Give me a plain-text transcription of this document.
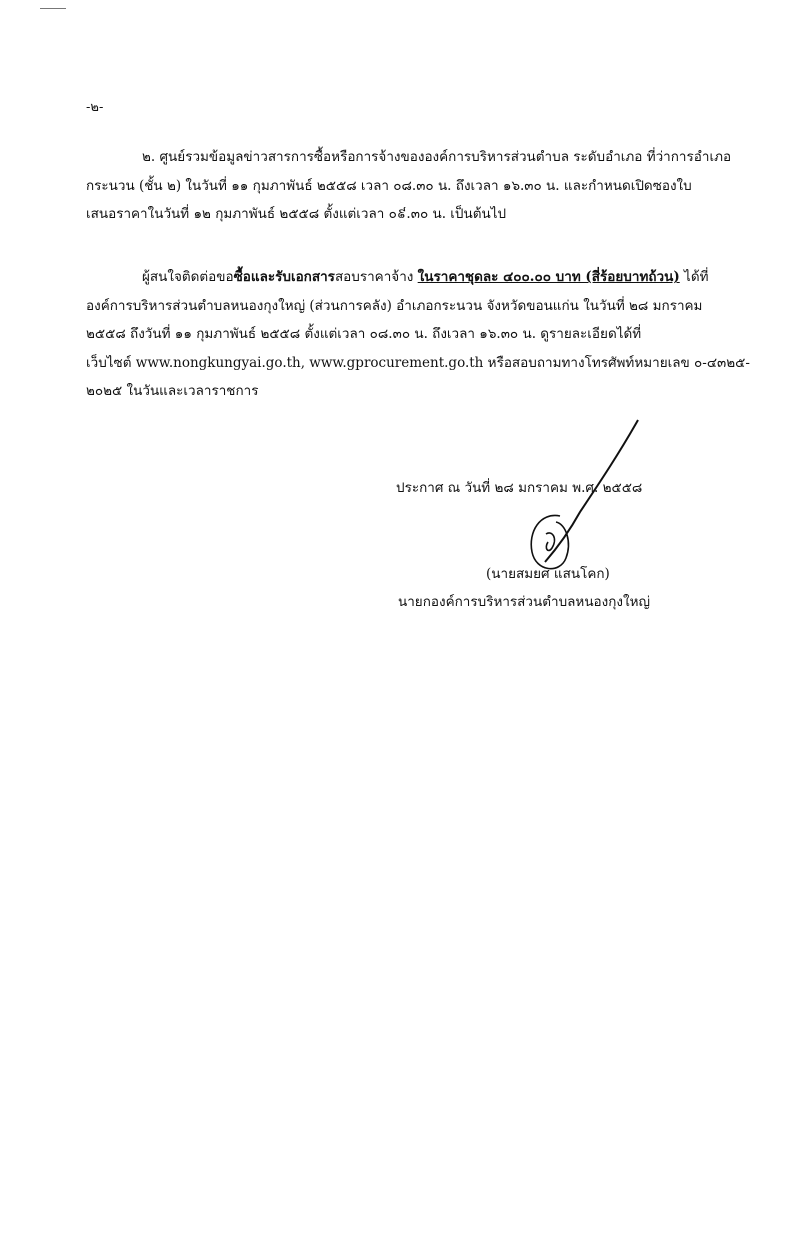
-๒-
๒. ศูนย์รวมข้อมูลข่าวสารการซื้อหรือการจ้างขององค์การบริหารส่วนตำบล ระดับอำเภอ ที่ว่าการอำเภอ
กระนวน (ชั้น ๒) ในวันที่ ๑๑ กุมภาพันธ์ ๒๕๕๘ เวลา ๐๘.๓๐ น. ถึงเวลา ๑๖.๓๐ น. และกำหนดเปิดซองใบ
เสนอราคาในวันที่ ๑๒ กุมภาพันธ์ ๒๕๕๘ ตั้งแต่เวลา ๐៩.๓๐ น. เป็นต้นไป
ผู้สนใจติดต่อขอซื้อและรับเอกสารสอบราคาจ้าง ในราคาชุดละ ๔๐๐.๐๐ บาท (สี่ร้อยบาทถ้วน) ได้ที่
องค์การบริหารส่วนตำบลหนองกุงใหญ่ (ส่วนการคลัง) อำเภอกระนวน จังหวัดขอนแก่น ในวันที่ ๒๘ มกราคม
๒๕๕๘ ถึงวันที่ ๑๑ กุมภาพันธ์ ๒๕๕๘ ตั้งแต่เวลา ๐๘.๓๐ น. ถึงเวลา ๑๖.๓๐ น. ดูรายละเอียดได้ที่
เว็บไซต์ www.nongkungyai.go.th, www.gprocurement.go.th หรือสอบถามทางโทรศัพท์หมายเลข ๐-๔๓๒๕-
๒๐๒๕ ในวันและเวลาราชการ
ประกาศ ณ วันที่ ๒๘ มกราคม พ.ศ. ๒๕๕๘
(นายสมยศ แสนโคก)
นายกองค์การบริหารส่วนตำบลหนองกุงใหญ่
